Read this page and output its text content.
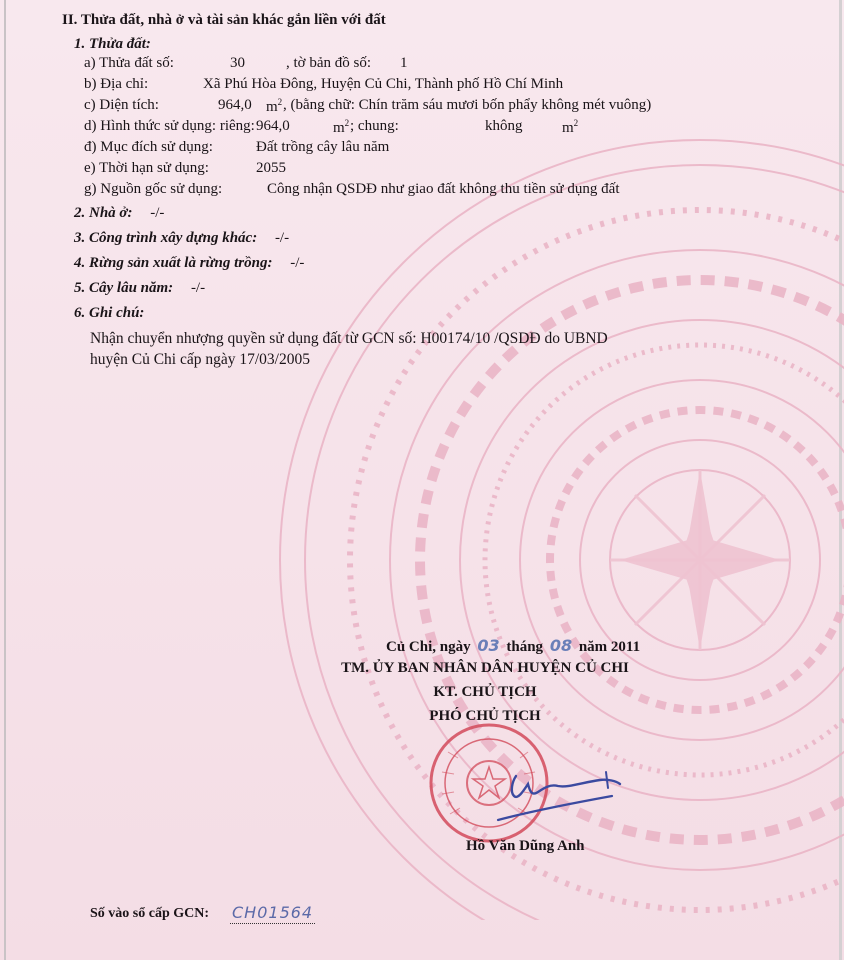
II. Thửa đất, nhà ở và tài sản khác gắn liền với đất
1. Thửa đất:
a) Thửa đất số:	30	, tờ bản đồ số: 1
b) Địa chỉ:	Xã Phú Hòa Đông, Huyện Củ Chi, Thành phố Hồ Chí Minh
c) Diện tích:	964,0 $m^2$ , (bằng chữ: Chín trăm sáu mươi bốn phẩy không mét vuông)
d) Hình thức sử dụng: riêng: 964,0	$m^2$ ; chung:	không	$m^2$
đ) Mục đích sử dụng:	Đất trồng cây lâu năm
e) Thời hạn sử dụng:	2055
g) Nguồn gốc sử dụng:	Công nhận QSDĐ như giao đất không thu tiền sử dụng đất
2. Nhà ở: -/-
3. Công trình xây dựng khác: -/-
4. Rừng sản xuất là rừng trồng: -/-
5. Cây lâu năm: -/-
6. Ghi chú:
Nhận chuyển nhượng quyền sử dụng đất từ GCN số: H00174/10 /QSDĐ do UBND
huyện Củ Chi cấp ngày 17/03/2005
Củ Chi, ngày 03 tháng 08 năm 2011
TM. ỦY BAN NHÂN DÂN HUYỆN CỦ CHI
KT. CHỦ TỊCH
PHÓ CHỦ TỊCH
Hồ Văn Dũng Anh
Số vào sổ cấp GCN: CH01564
